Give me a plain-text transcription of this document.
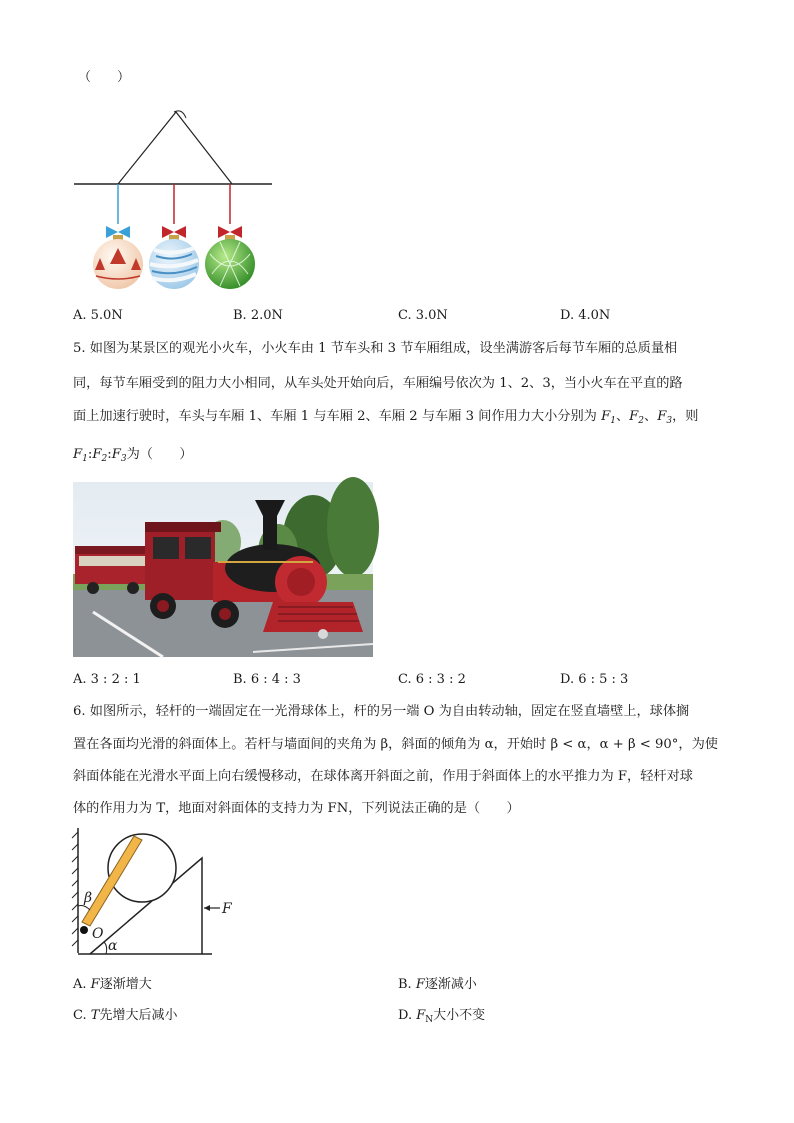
（　　）
A. 5.0N	B. 2.0N	C. 3.0N	D. 4.0N
5. 如图为某景区的观光小火车，小火车由 1 节车头和 3 节车厢组成，设坐满游客后每节车厢的总质量相
同，每节车厢受到的阻力大小相同，从车头处开始向后，车厢编号依次为 1、2、3，当小火车在平直的路
面上加速行驶时，车头与车厢 1、车厢 1 与车厢 2、车厢 2 与车厢 3 间作用力大小分别为 $F_1$、$F_2$、$F_3$，则
$F_1:F_2:F_3$为（　　）
A. 3 : 2 : 1	B. 6 : 4 : 3	C. 6 : 3 : 2	D. 6 : 5 : 3
6. 如图所示，轻杆的一端固定在一光滑球体上，杆的另一端 O 为自由转动轴，固定在竖直墙壁上，球体搁
置在各面均光滑的斜面体上。若杆与墙面间的夹角为 β，斜面的倾角为 α，开始时 β < α，α + β < 90°，为使
斜面体能在光滑水平面上向右缓慢移动，在球体离开斜面之前，作用于斜面体上的水平推力为 F，轻杆对球
体的作用力为 T，地面对斜面体的支持力为 FN，下列说法正确的是（　　）
β
O
α
F
A. F逐渐增大	B. F逐渐减小
C. T先增大后减小	D. $F_N$大小不变
